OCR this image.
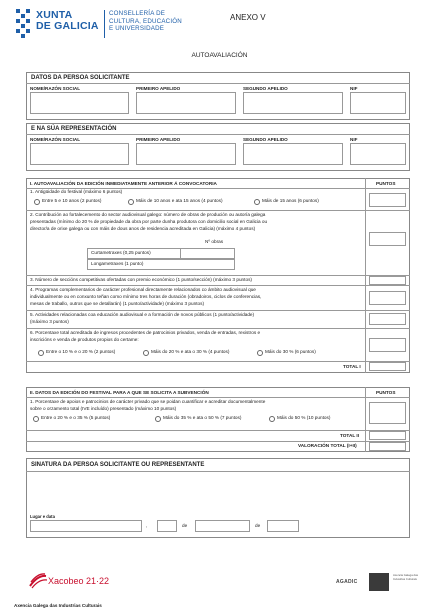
XUNTA
DE GALICIA
CONSELLERÍA DE
CULTURA, EDUCACIÓN
E UNIVERSIDADE
ANEXO V
AUTOAVALIACIÓN
DATOS DA PERSOA SOLICITANTE
NOME/RAZÓN SOCIAL	PRIMEIRO APELIDO	SEGUNDO APELIDO	NIF
E NA SÚA REPRESENTACIÓN
NOME/RAZÓN SOCIAL	PRIMEIRO APELIDO	SEGUNDO APELIDO	NIF
I. AUTOAVALIACIÓN DA EDICIÓN INMEDIATAMENTE ANTERIOR Á CONVOCATORIA	PUNTOS
1. Antigüidade do festival (máximo 6 puntos)
Entre 5 e 10 anos (2 puntos)	Máis de 10 anos e ata 15 anos (4 puntos)	Máis de 15 anos (6 puntos)
2. Contribución ao fortalecemento do sector audiovisual galego: número de obras de produción ou autoría galega
presentadas (mínimo do 20 % de propiedade da obra por parte dunha produtora con domicilio social en Galicia ou
director/a de orixe galega ou con máis de dous anos de residencia acreditada en Galicia) (máximo 4 puntos)
Nº obras
Curtametraxes (0,25 puntos)
Longametraxes (1 punto)
3. Número de seccións competitivas ofertadas con premio económico (1 punto/sección) (máximo 3 puntos)
4. Programas complementarios de carácter profesional directamente relacionados co ámbito audiovisual que
individualmente ou en conxunto teñan como mínimo tres horas de duración (obradoiros, ciclos de conferencias,
mesas de traballo, outros que se detallarán) (1 punto/actividade) (máximo 3 puntos)
5. Actividades relacionadas coa educación audiovisual e a formación de novos públicos (1 punto/actividade)
(máximo 3 puntos)
6. Porcentaxe total acreditada de ingresos procedentes de patrocinios privados, venda de entradas, rexistros e
inscricións e venda de produtos propios do certame:
Entre o 10 % e o 20 % (2 puntos)	Máis do 20 % e ata o 30 % (4 puntos)	Máis do 30 % (6 puntos)
TOTAL I
II. DATOS DA EDICIÓN DO FESTIVAL PARA A QUE SE SOLICITA A SUBVENCIÓN	PUNTOS
1. Porcentaxe de apoios e patrocinios de carácter privado que se poidan cuantificar e acreditar documentalmente
sobre o orzamento total (IVE incluído) presentado (máximo 10 puntos)
Entre o 20 % e o 35 % (5 puntos)	Máis do 35 % e ata o 50 % (7 puntos)	Máis do 50 % (10 puntos)
TOTAL II
VALORACIÓN TOTAL (I+II)
SINATURA DA PERSOA SOLICITANTE OU REPRESENTANTE
Lugar e data
,	de	de
Xacobeo 21·22	AGADIC
Axencia Galega das
Industrias Culturais
Axencia Galega das Industrias Culturais
